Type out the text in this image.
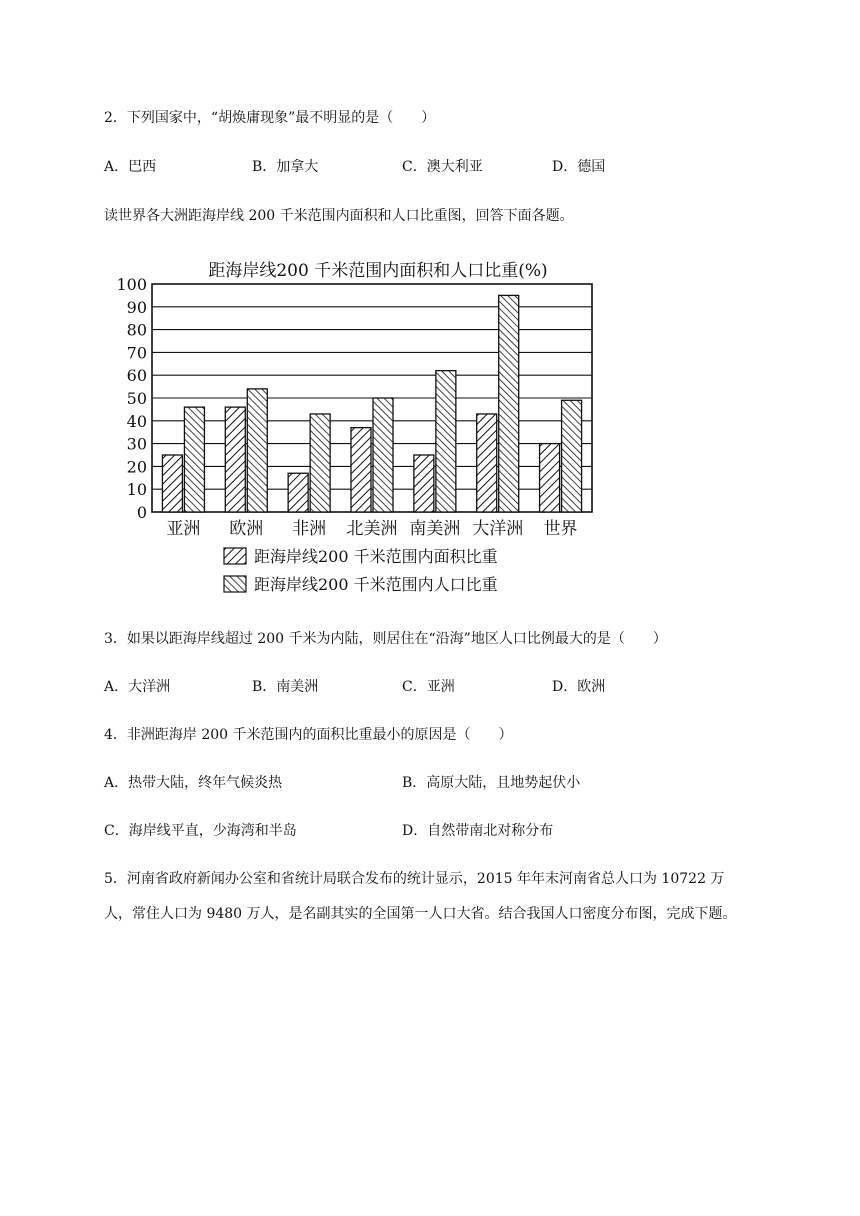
2．下列国家中，“胡焕庸现象”最不明显的是（　　）
A．巴西	B．加拿大	C．澳大利亚	D．德国
读世界各大洲距海岸线 200 千米范围内面积和人口比重图，回答下面各题。
距海岸线200 千米范围内面积和人口比重(%)
0
10
20
30
40
50
60
70
80
90
100
亚洲 欧洲 非洲 北美洲 南美洲 大洋洲 世界
距海岸线200 千米范围内面积比重
距海岸线200 千米范围内人口比重
3．如果以距海岸线超过 200 千米为内陆，则居住在“沿海”地区人口比例最大的是（　　）
A．大洋洲	B．南美洲	C．亚洲	D．欧洲
4．非洲距海岸 200 千米范围内的面积比重最小的原因是（　　）
A．热带大陆，终年气候炎热	B．高原大陆，且地势起伏小
C．海岸线平直，少海湾和半岛	D．自然带南北对称分布
5．河南省政府新闻办公室和省统计局联合发布的统计显示，2015 年年末河南省总人口为 10722 万
人，常住人口为 9480 万人，是名副其实的全国第一人口大省。结合我国人口密度分布图，完成下题。
